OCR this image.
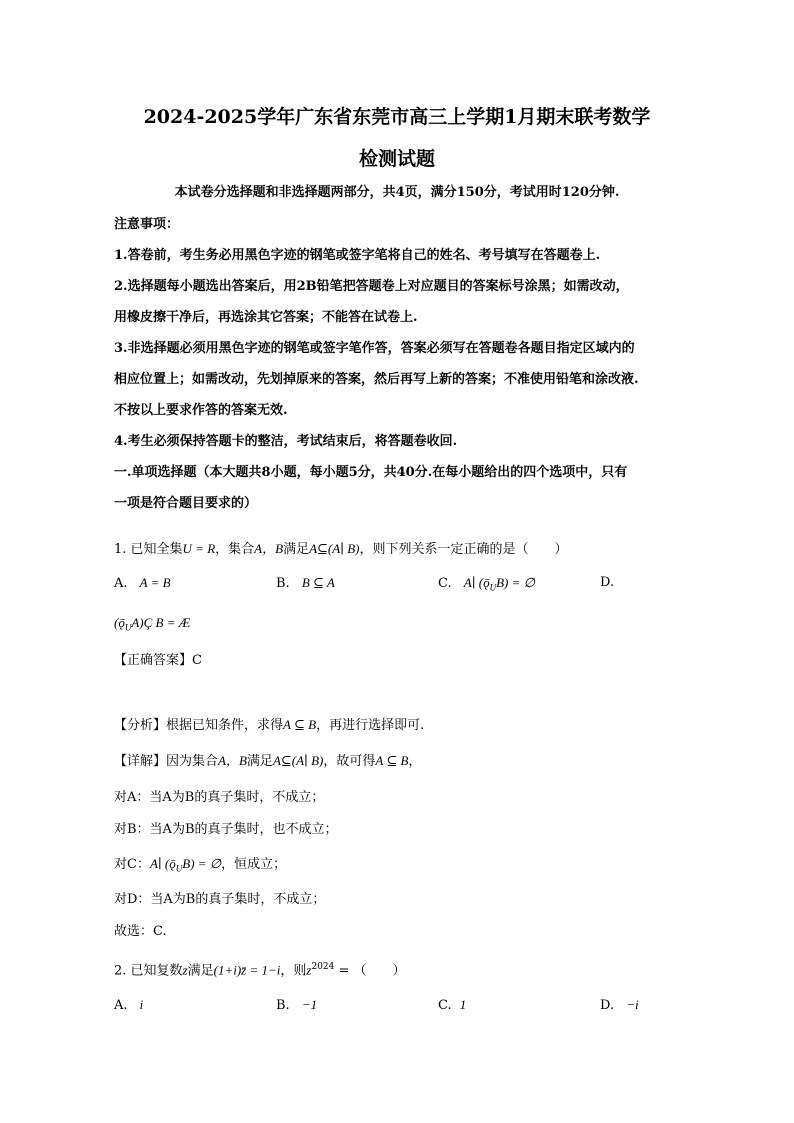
2024-2025学年广东省东莞市高三上学期1月期末联考数学
检测试题
本试卷分选择题和非选择题两部分，共4页，满分150分，考试用时120分钟.
注意事项：
1.答卷前，考生务必用黑色字迹的钢笔或签字笔将自己的姓名、考号填写在答题卷上.
2.选择题每小题选出答案后，用2B铅笔把答题卷上对应题目的答案标号涂黑；如需改动，
用橡皮擦干净后，再选涂其它答案；不能答在试卷上.
3.非选择题必须用黑色字迹的钢笔或签字笔作答，答案必须写在答题卷各题目指定区域内的
相应位置上；如需改动，先划掉原来的答案，然后再写上新的答案；不准使用铅笔和涂改液.
不按以上要求作答的答案无效.
4.考生必须保持答题卡的整洁，考试结束后，将答题卷收回.
一.单项选择题（本大题共8小题，每小题5分，共40分.在每小题给出的四个选项中，只有
一项是符合题目要求的）
1. 已知全集U = R，集合A，B满足A⊆(A∣ B)，则下列关系一定正确的是（　　）
A. A = B	B. B ⊆ A	C. A∣ $(ǭ_UB)$ = ∅	D.
$(ǭ_UA)Ç$ B = Æ
【正确答案】C
【分析】根据已知条件，求得A ⊆ B，再进行选择即可.
【详解】因为集合A，B满足A⊆(A∣ B)，故可得A ⊆ B，
对A：当A为B的真子集时，不成立；
对B：当A为B的真子集时，也不成立；
对C：A∣ $(ǭ_UB)$ = ∅，恒成立；
对D：当A为B的真子集时，不成立；
故选：C.
2. 已知复数z满足(1+i)z̄ = 1−i，则$z^{2024}$ = （　　）
A. i	B. −1	C. 1	D. −i
